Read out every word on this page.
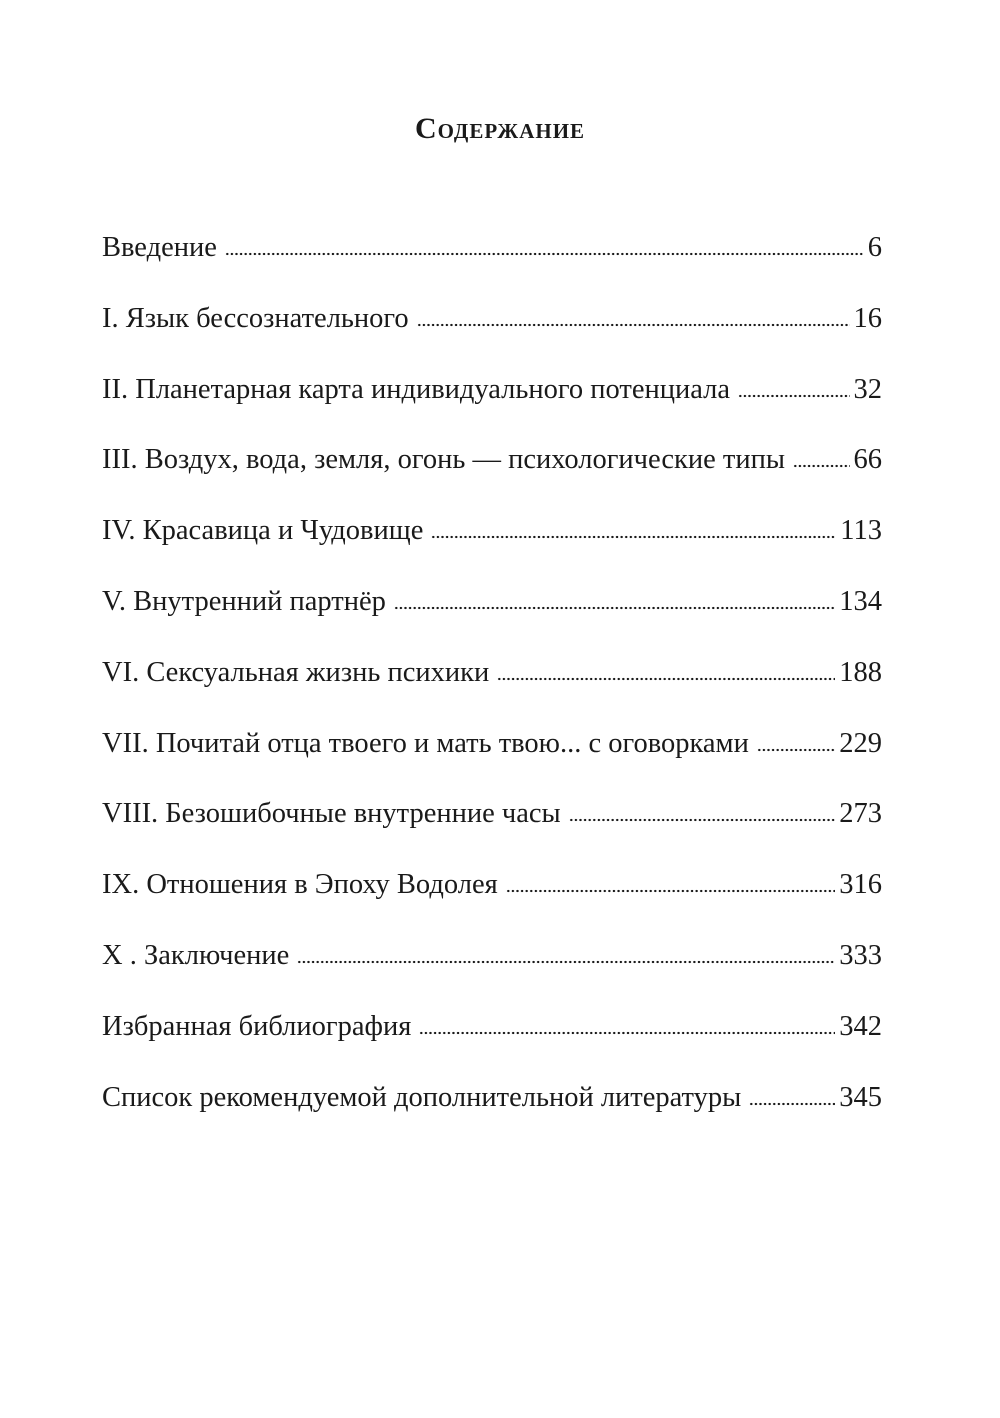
Содержание
Введение	6
I. Язык бессознательного	16
II. Планетарная карта индивидуального потенциала	32
III. Воздух, вода, земля, огонь — психологические типы 66
IV. Красавица и Чудовище	113
V. Внутренний партнёр	134
VI. Сексуальная жизнь психики	188
VII. Почитай отца твоего и мать твою... с оговорками	229
VIII. Безошибочные внутренние часы	273
IX. Отношения в Эпоху Водолея	316
X . Заключение	333
Избранная библиография	342
Список рекомендуемой дополнительной литературы	345
